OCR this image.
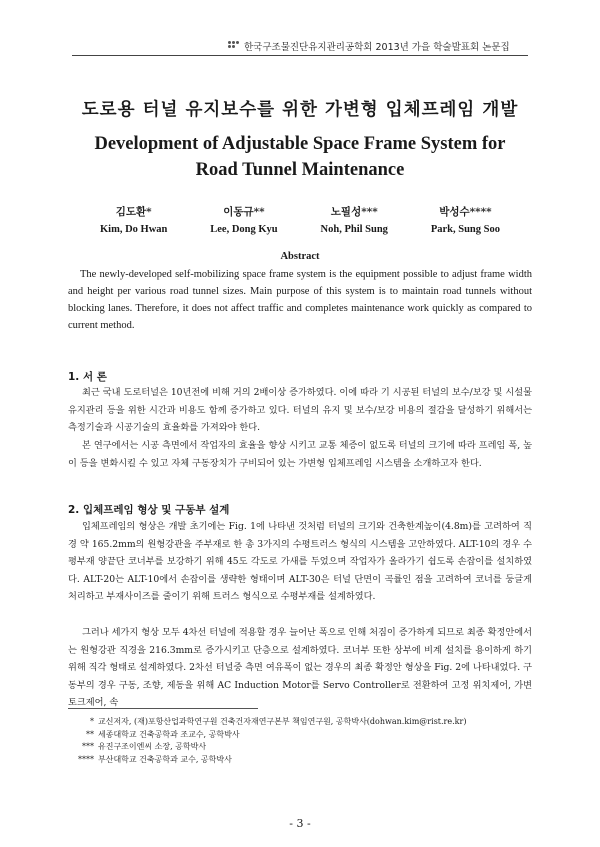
한국구조물진단유지관리공학회 2013년 가을 학술발표회 논문집
도로용 터널 유지보수를 위한 가변형 입체프레임 개발
Development of Adjustable Space Frame System for Road Tunnel Maintenance
김도환*
Kim, Do Hwan
이동규**
Lee, Dong Kyu
노필성***
Noh, Phil Sung
박성수****
Park, Sung Soo
Abstract

The newly-developed self-mobilizing space frame system is the equipment possible to adjust frame width and height per various road tunnel sizes. Main purpose of this system is to maintain road tunnels without blocking lanes. Therefore, it does not affect traffic and completes maintenance work quickly as compared to current method.

1. 서 론

최근 국내 도로터널은 10년전에 비해 거의 2배이상 증가하였다. 이에 따라 기 시공된 터널의 보수/보강 및 시설물 유지관리 등을 위한 시간과 비용도 함께 증가하고 있다. 터널의 유지 및 보수/보강 비용의 절감을 달성하기 위해서는 측정기술과 시공기술의 효율화를 가져와야 한다.

본 연구에서는 시공 측면에서 작업자의 효율을 향상 시키고 교통 체증이 없도록 터널의 크기에 따라 프레임 폭, 높이 등을 변화시킬 수 있고 자체 구동장치가 구비되어 있는 가변형 입체프레임 시스템을 소개하고자 한다.

2. 입체프레임 형상 및 구동부 설계

입체프레임의 형상은 개발 초기에는 Fig. 1에 나타낸 것처럼 터널의 크기와 건축한계높이(4.8m)를 고려하여 직경 약 165.2mm의 원형강관을 주부재로 한 총 3가지의 수평트러스 형식의 시스템을 고안하였다. ALT-10의 경우 수평부재 양끝단 코너부를 보강하기 위해 45도 각도로 가새를 두었으며 작업자가 올라가기 쉽도록 손잡이를 설치하였다. ALT-20는 ALT-10에서 손잡이를 생략한 형태이며 ALT-30은 터널 단면이 곡률인 점을 고려하여 코너를 둥글게 처리하고 부재사이즈를 줄이기 위해 트러스 형식으로 수평부재를 설계하였다.

그러나 세가지 형상 모두 4차선 터널에 적용할 경우 늘어난 폭으로 인해 처짐이 증가하게 되므로 최종 확정안에서는 원형강관 직경을 216.3mm로 증가시키고 단층으로 설계하였다. 코너부 또한 상부에 비계 설치를 용이하게 하기 위해 직각 형태로 설계하였다. 2차선 터널중 측면 여유폭이 없는 경우의 최종 확정안 형상을 Fig. 2에 나타내었다. 구동부의 경우 구동, 조향, 제동을 위해 AC Induction Motor를 Servo Controller로 전환하여 고정 위치제어, 가변 토크제어, 속

* 교신저자, (재)포항산업과학연구원 건축건자재연구본부 책임연구원, 공학박사(dohwan.kim@rist.re.kr)
** 세종대학교 건축공학과 조교수, 공학박사
*** 유진구조이엔씨 소장, 공학박사
**** 부산대학교 건축공학과 교수, 공학박사
- 3 -
